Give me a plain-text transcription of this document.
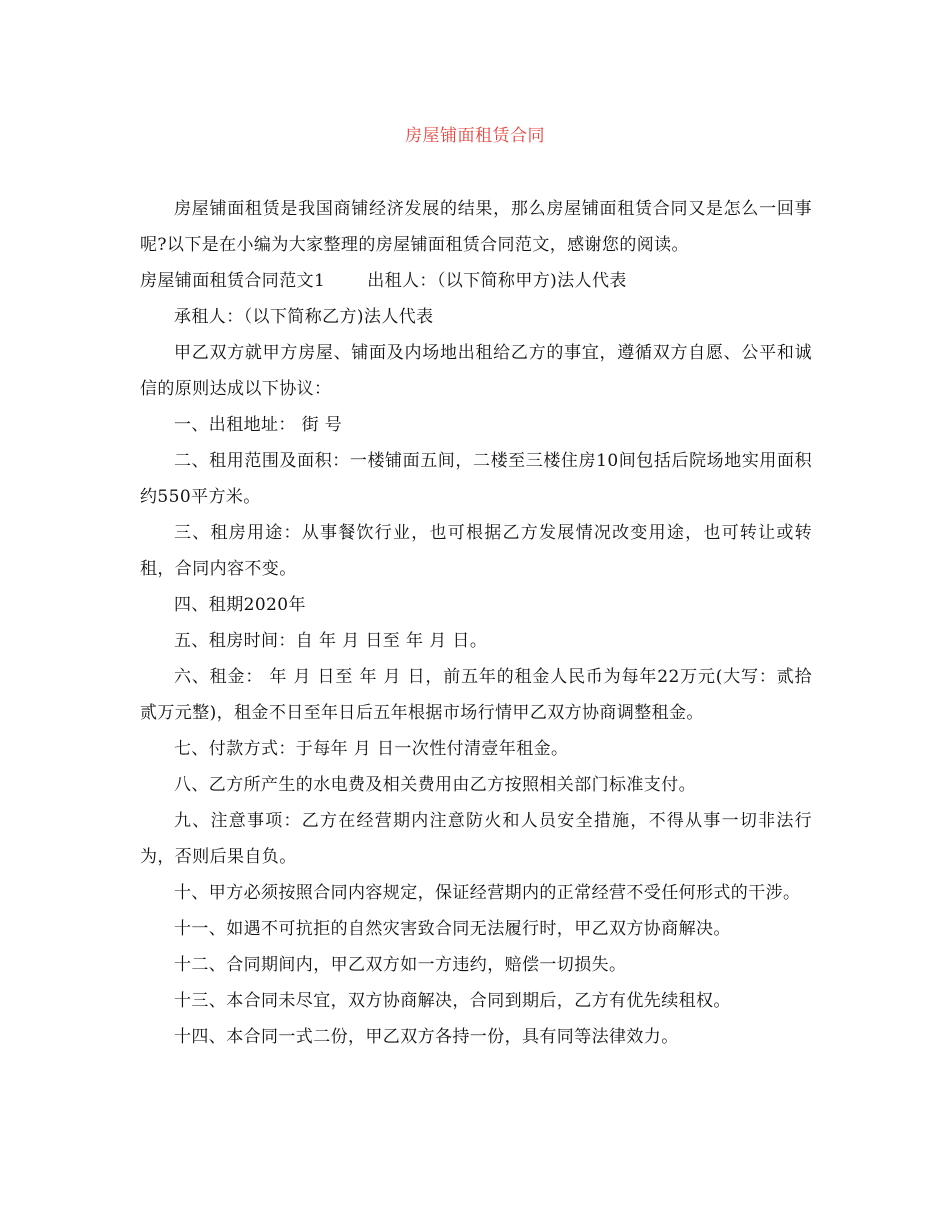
房屋铺面租赁合同

房屋铺面租赁是我国商铺经济发展的结果，那么房屋铺面租赁合同又是怎么一回事呢?以下是在小编为大家整理的房屋铺面租赁合同范文，感谢您的阅读。

房屋铺面租赁合同范文1 出租人：（以下简称甲方)法人代表

承租人：（以下简称乙方)法人代表

甲乙双方就甲方房屋、铺面及内场地出租给乙方的事宜，遵循双方自愿、公平和诚信的原则达成以下协议：

一、出租地址： 街 号

二、租用范围及面积：一楼铺面五间，二楼至三楼住房10间包括后院场地实用面积约550平方米。

三、租房用途：从事餐饮行业，也可根据乙方发展情况改变用途，也可转让或转租，合同内容不变。

四、租期2020年

五、租房时间：自 年 月 日至 年 月 日。

六、租金： 年 月 日至 年 月 日，前五年的租金人民币为每年22万元(大写：贰拾贰万元整)，租金不日至年日后五年根据市场行情甲乙双方协商调整租金。

七、付款方式：于每年 月 日一次性付清壹年租金。

八、乙方所产生的水电费及相关费用由乙方按照相关部门标准支付。

九、注意事项：乙方在经营期内注意防火和人员安全措施，不得从事一切非法行为，否则后果自负。

十、甲方必须按照合同内容规定，保证经营期内的正常经营不受任何形式的干涉。

十一、如遇不可抗拒的自然灾害致合同无法履行时，甲乙双方协商解决。

十二、合同期间内，甲乙双方如一方违约，赔偿一切损失。

十三、本合同未尽宜，双方协商解决，合同到期后，乙方有优先续租权。

十四、本合同一式二份，甲乙双方各持一份，具有同等法律效力。
